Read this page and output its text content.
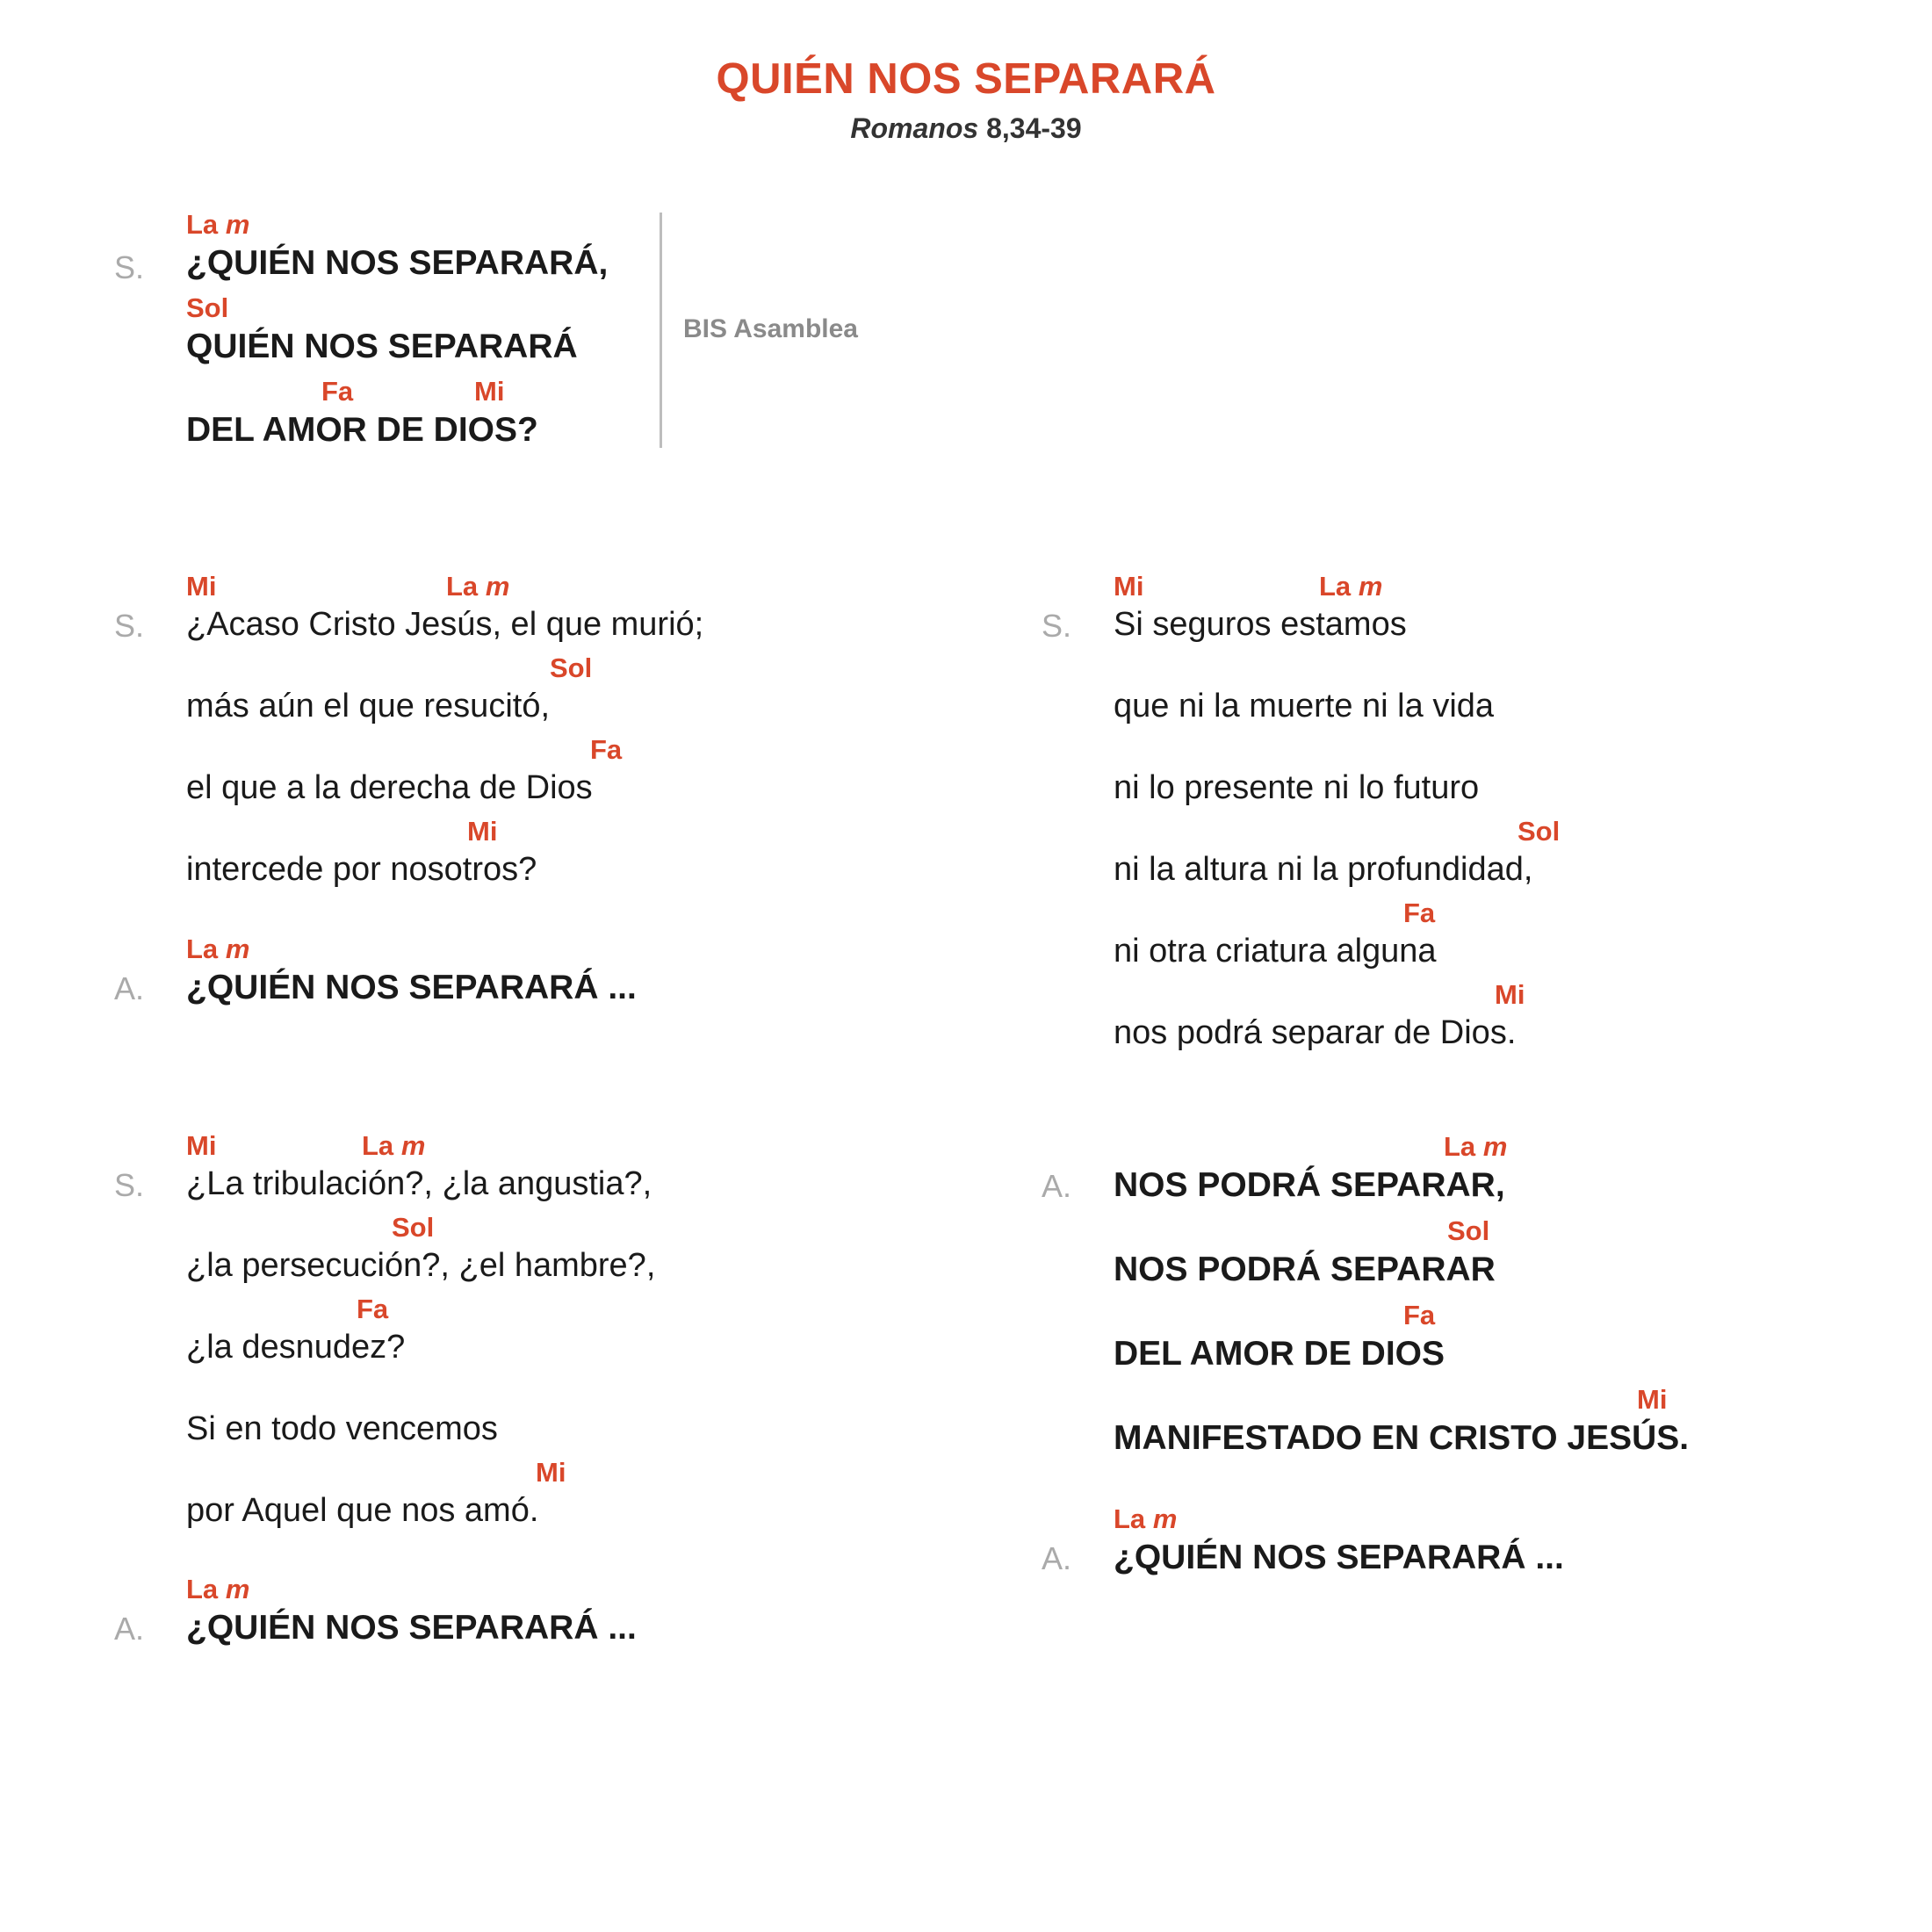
QUIÉN NOS SEPARARÁ
Romanos 8,34-39
S.
La m
¿QUIÉN NOS SEPARARÁ,
Sol
QUIÉN NOS SEPARARÁ
Fa	Mi
DEL AMOR DE DIOS?
BIS Asamblea
S.
Mi	La m
¿Acaso Cristo Jesús, el que murió;
Sol
más aún el que resucitó,
Fa
el que a la derecha de Dios
Mi
intercede por nosotros?
A.
La m
¿QUIÉN NOS SEPARARÁ ...
S.
Mi	La m
¿La tribulación?, ¿la angustia?,
Sol
¿la persecución?, ¿el hambre?,
Fa
¿la desnudez?
Si en todo vencemos
Mi
por Aquel que nos amó.
A.
La m
¿QUIÉN NOS SEPARARÁ ...
S.
Mi	La m
Si seguros estamos
que ni la muerte ni la vida
ni lo presente ni lo futuro
Sol
ni la altura ni la profundidad,
Fa
ni otra criatura alguna
Mi
nos podrá separar de Dios.
A.
La m
NOS PODRÁ SEPARAR,
Sol
NOS PODRÁ SEPARAR
Fa
DEL AMOR DE DIOS
Mi
MANIFESTADO EN CRISTO JESÚS.
A.
La m
¿QUIÉN NOS SEPARARÁ ...
